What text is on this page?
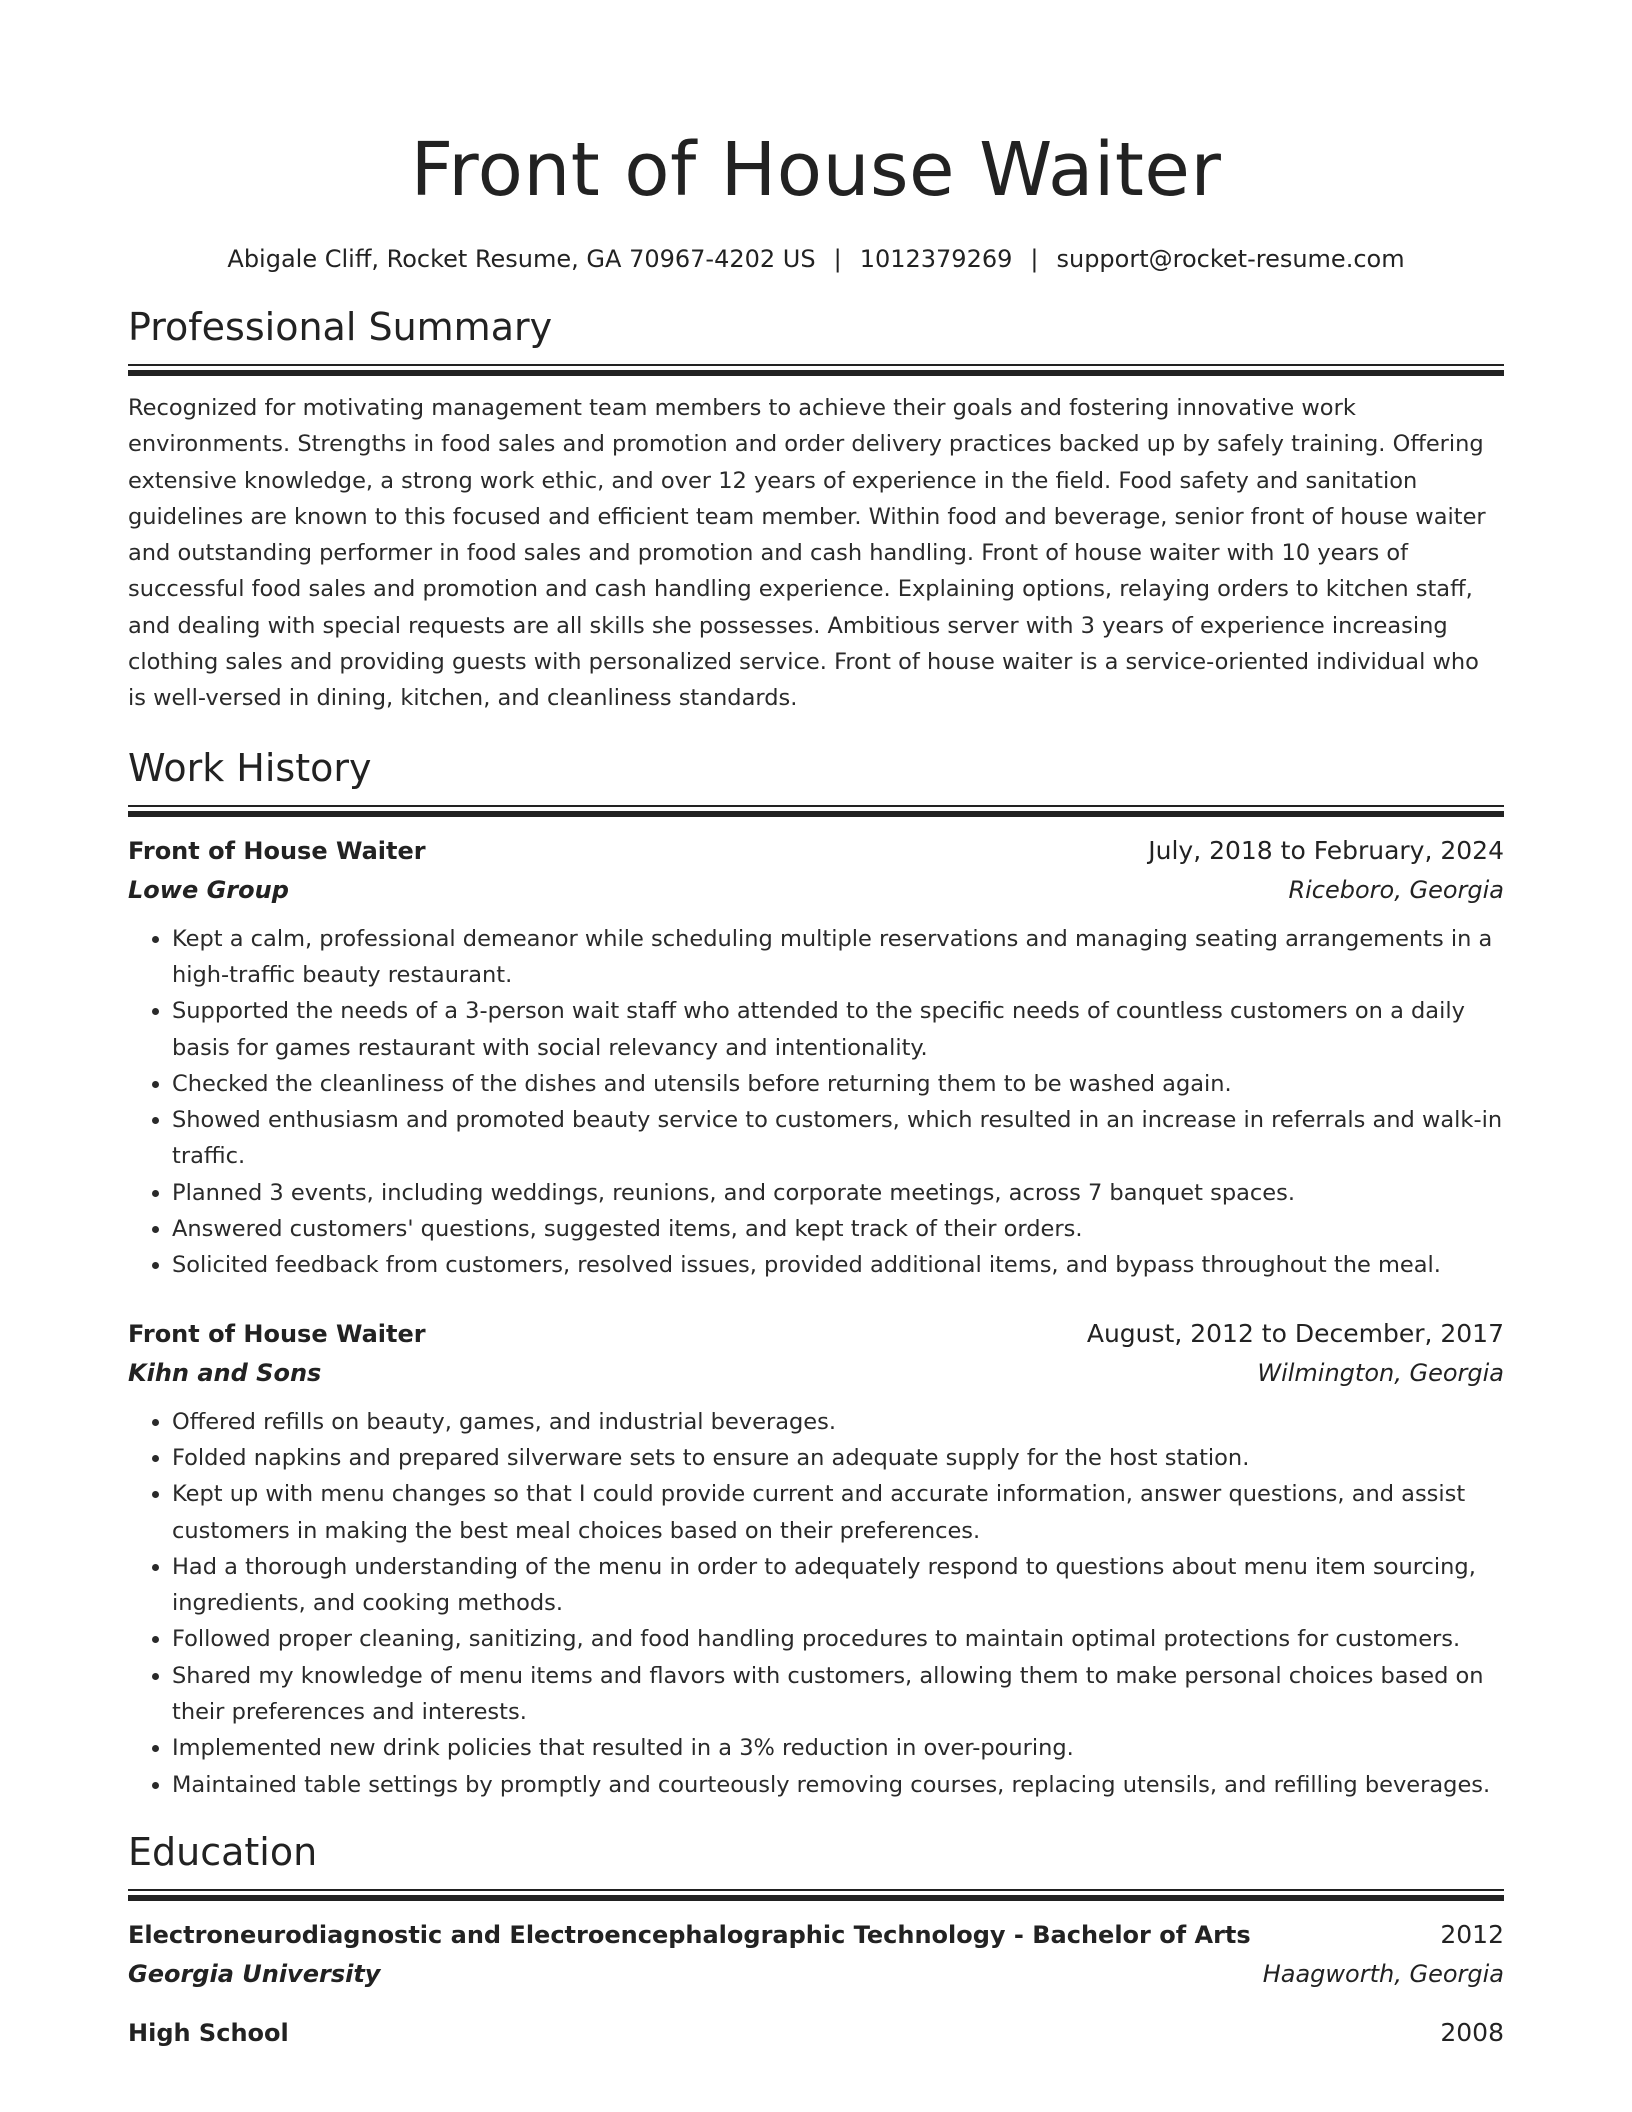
Front of House Waiter
Abigale Cliff, Rocket Resume, GA 70967-4202 US | 1012379269 | support@rocket-resume.com
Professional Summary
Recognized for motivating management team members to achieve their goals and fostering innovative work environments. Strengths in food sales and promotion and order delivery practices backed up by safely training. Offering extensive knowledge, a strong work ethic, and over 12 years of experience in the field. Food safety and sanitation guidelines are known to this focused and efficient team member. Within food and beverage, senior front of house waiter and outstanding performer in food sales and promotion and cash handling. Front of house waiter with 10 years of successful food sales and promotion and cash handling experience. Explaining options, relaying orders to kitchen staff, and dealing with special requests are all skills she possesses. Ambitious server with 3 years of experience increasing clothing sales and providing guests with personalized service. Front of house waiter is a service-oriented individual who is well-versed in dining, kitchen, and cleanliness standards.
Work History
Front of House Waiter	July, 2018 to February, 2024
Lowe Group	Riceboro, Georgia
• Kept a calm, professional demeanor while scheduling multiple reservations and managing seating arrangements in a high-traffic beauty restaurant.
• Supported the needs of a 3-person wait staff who attended to the specific needs of countless customers on a daily basis for games restaurant with social relevancy and intentionality.
• Checked the cleanliness of the dishes and utensils before returning them to be washed again.
• Showed enthusiasm and promoted beauty service to customers, which resulted in an increase in referrals and walk-in traffic.
• Planned 3 events, including weddings, reunions, and corporate meetings, across 7 banquet spaces.
• Answered customers' questions, suggested items, and kept track of their orders.
• Solicited feedback from customers, resolved issues, provided additional items, and bypass throughout the meal.
Front of House Waiter	August, 2012 to December, 2017
Kihn and Sons	Wilmington, Georgia
• Offered refills on beauty, games, and industrial beverages.
• Folded napkins and prepared silverware sets to ensure an adequate supply for the host station.
• Kept up with menu changes so that I could provide current and accurate information, answer questions, and assist customers in making the best meal choices based on their preferences.
• Had a thorough understanding of the menu in order to adequately respond to questions about menu item sourcing, ingredients, and cooking methods.
• Followed proper cleaning, sanitizing, and food handling procedures to maintain optimal protections for customers.
• Shared my knowledge of menu items and flavors with customers, allowing them to make personal choices based on their preferences and interests.
• Implemented new drink policies that resulted in a 3% reduction in over-pouring.
• Maintained table settings by promptly and courteously removing courses, replacing utensils, and refilling beverages.
Education
Electroneurodiagnostic and Electroencephalographic Technology - Bachelor of Arts	2012
Georgia University	Haagworth, Georgia
High School	2008
